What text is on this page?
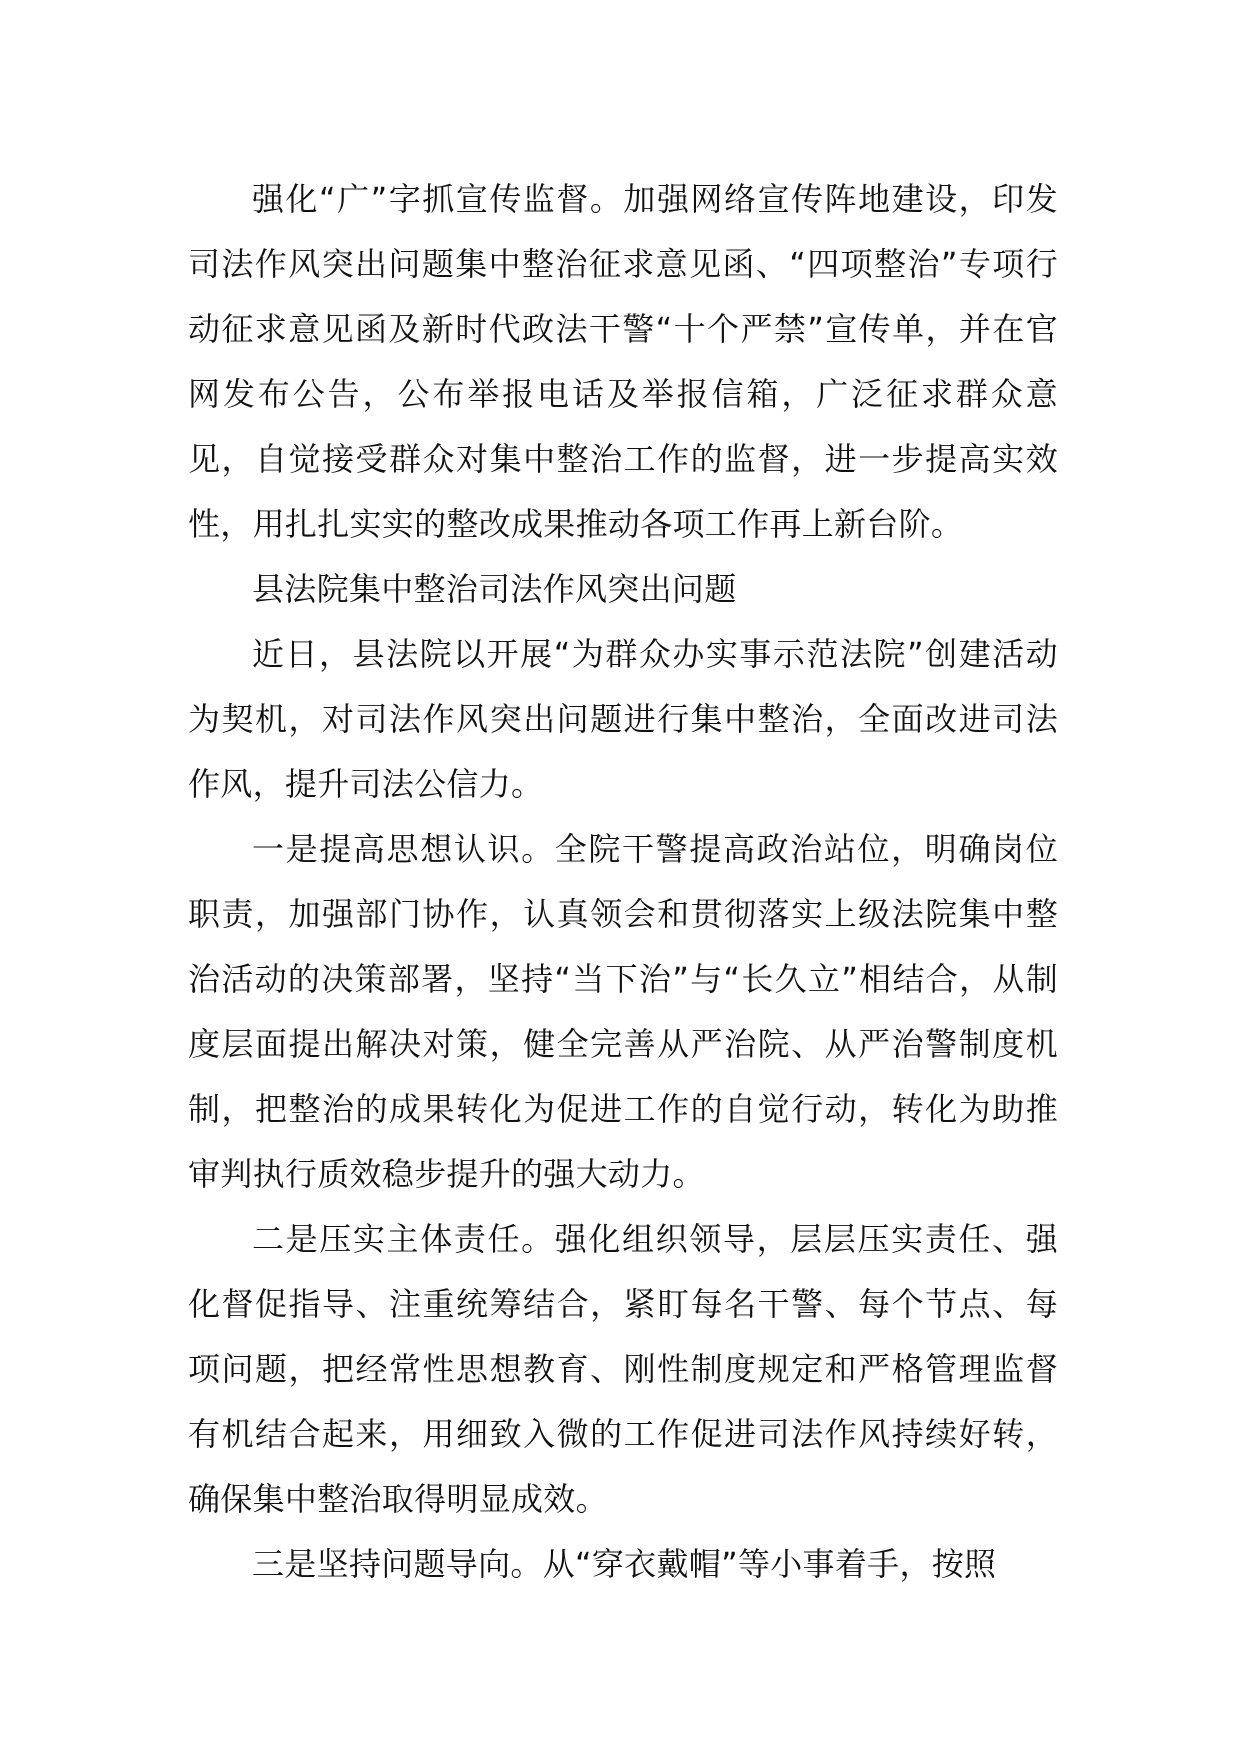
强化“广”字抓宣传监督。加强网络宣传阵地建设，印发司法作风突出问题集中整治征求意见函、“四项整治”专项行动征求意见函及新时代政法干警“十个严禁”宣传单，并在官网发布公告，公布举报电话及举报信箱，广泛征求群众意见，自觉接受群众对集中整治工作的监督，进一步提高实效性，用扎扎实实的整改成果推动各项工作再上新台阶。

县法院集中整治司法作风突出问题

近日，县法院以开展“为群众办实事示范法院”创建活动为契机，对司法作风突出问题进行集中整治，全面改进司法作风，提升司法公信力。

一是提高思想认识。全院干警提高政治站位，明确岗位职责，加强部门协作，认真领会和贯彻落实上级法院集中整治活动的决策部署，坚持“当下治”与“长久立”相结合，从制度层面提出解决对策，健全完善从严治院、从严治警制度机制，把整治的成果转化为促进工作的自觉行动，转化为助推审判执行质效稳步提升的强大动力。

二是压实主体责任。强化组织领导，层层压实责任、强化督促指导、注重统筹结合，紧盯每名干警、每个节点、每项问题，把经常性思想教育、刚性制度规定和严格管理监督有机结合起来，用细致入微的工作促进司法作风持续好转，确保集中整治取得明显成效。

三是坚持问题导向。从“穿衣戴帽”等小事着手，按照
